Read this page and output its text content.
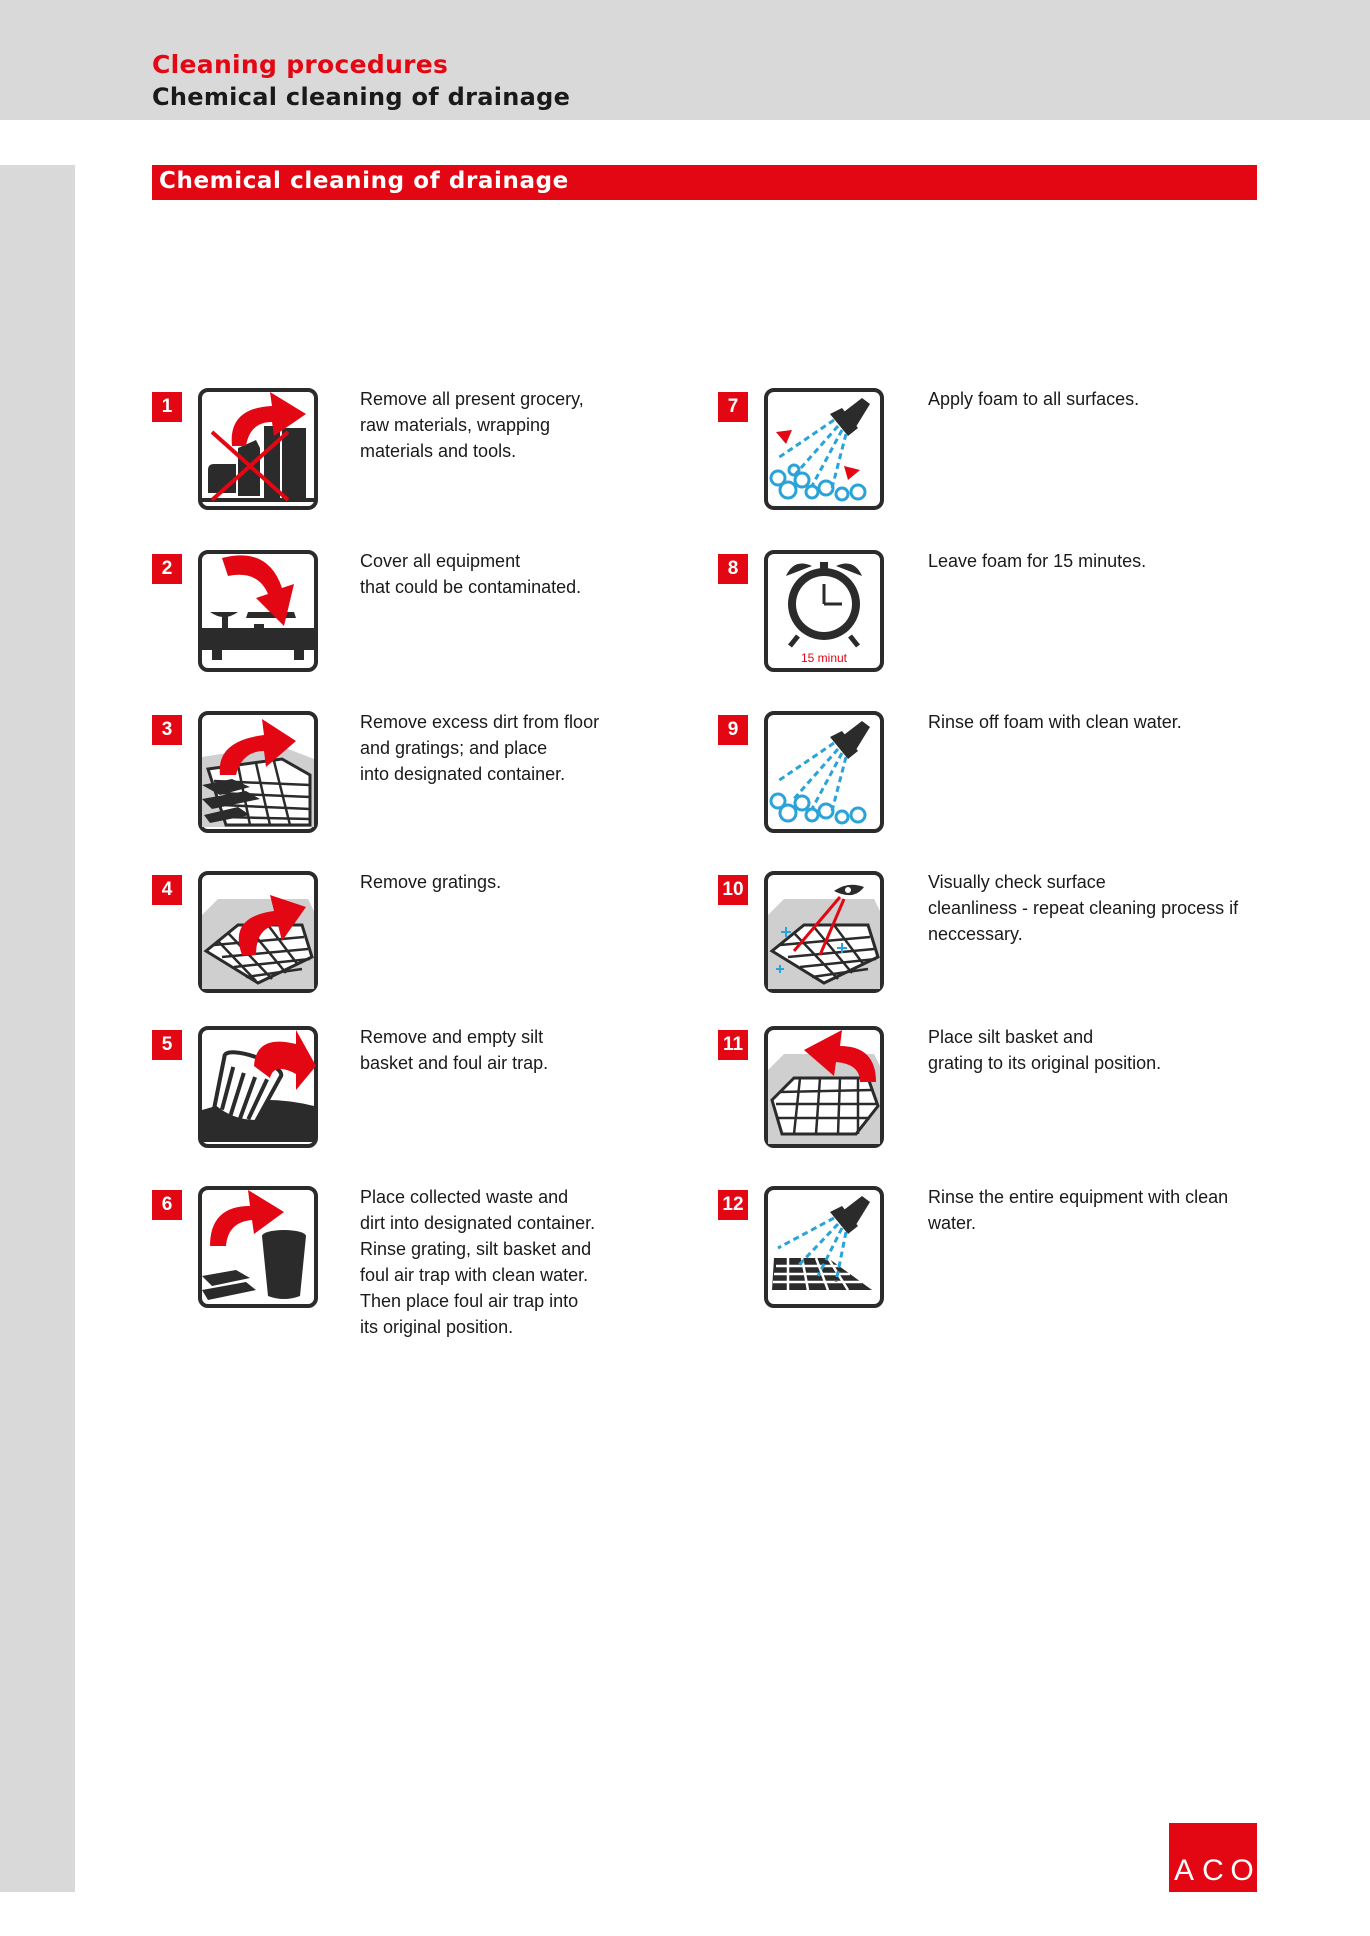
Cleaning procedures
Chemical cleaning of drainage
Chemical cleaning of drainage
1	Remove all present grocery,
raw materials, wrapping
materials and tools.

2	Cover all equipment
that could be contaminated.

3	Remove excess dirt from floor
and gratings; and place
into designated container.

4	Remove gratings.

5	Remove and empty silt
basket and foul air trap.

6	Place collected waste and
dirt into designated container.
Rinse grating, silt basket and
foul air trap with clean water.
Then place foul air trap into
its original position.

7	Apply foam to all surfaces.

8
15 minut

Leave foam for 15 minutes.

9	Rinse off foam with clean water.

10	Visually check surface
cleanliness - repeat cleaning process if
neccessary.

11	Place silt basket and
grating to its original position.

12	Rinse the entire equipment with clean
water.

A C O
